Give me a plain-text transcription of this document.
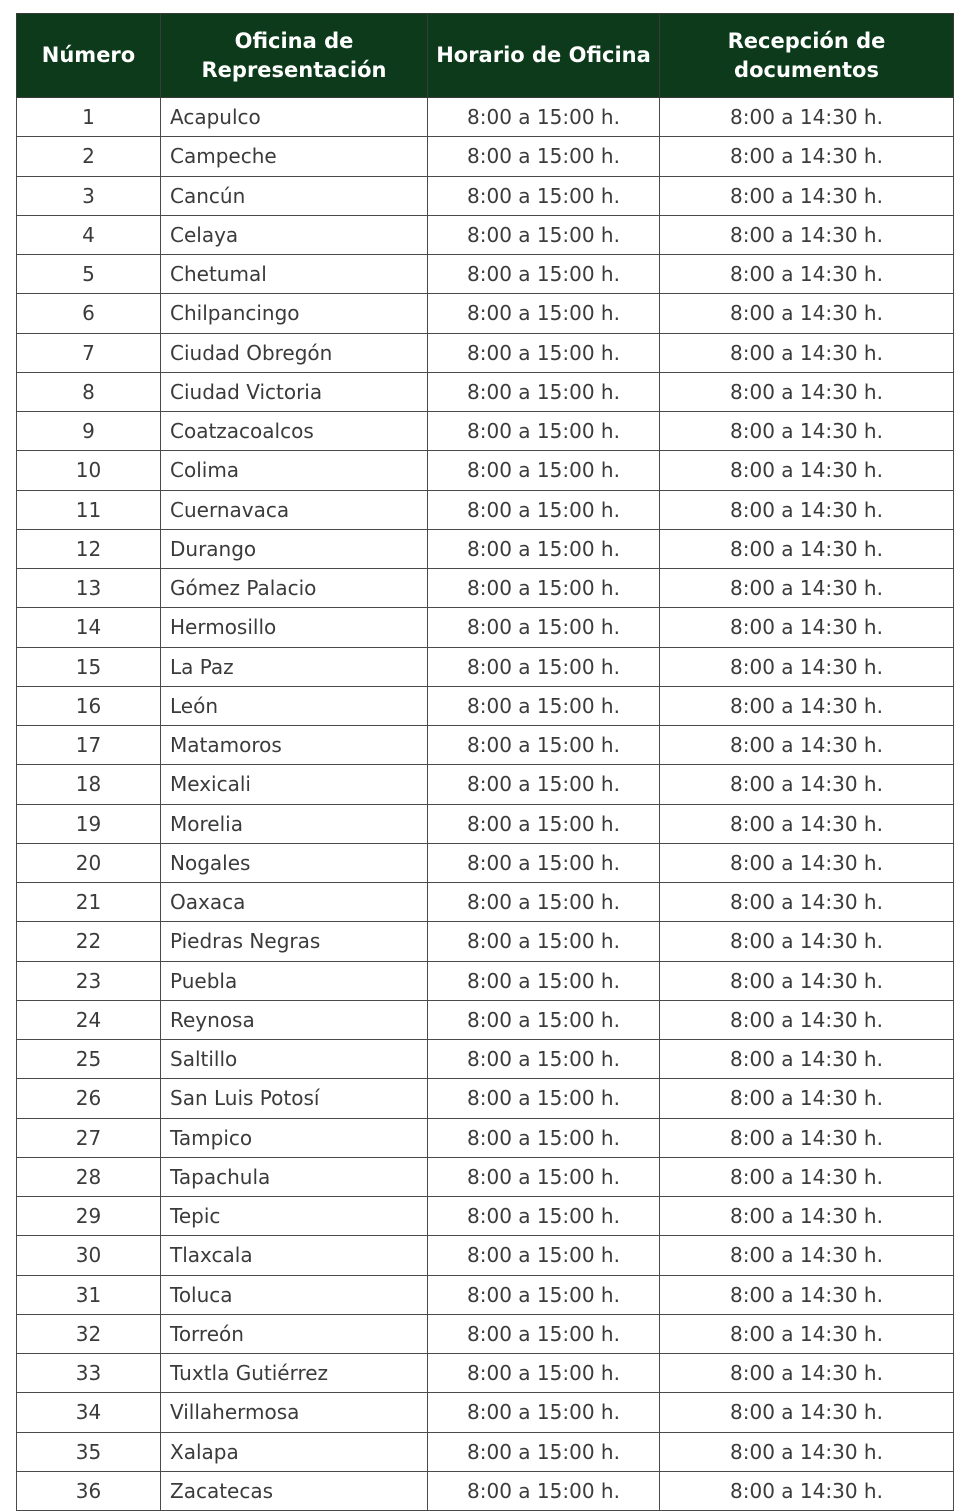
Número	Oficina de Representación	Horario de Oficina	Recepción de documentos
1	Acapulco	8:00 a 15:00 h.	8:00 a 14:30 h.
2	Campeche	8:00 a 15:00 h.	8:00 a 14:30 h.
3	Cancún	8:00 a 15:00 h.	8:00 a 14:30 h.
4	Celaya	8:00 a 15:00 h.	8:00 a 14:30 h.
5	Chetumal	8:00 a 15:00 h.	8:00 a 14:30 h.
6	Chilpancingo	8:00 a 15:00 h.	8:00 a 14:30 h.
7	Ciudad Obregón	8:00 a 15:00 h.	8:00 a 14:30 h.
8	Ciudad Victoria	8:00 a 15:00 h.	8:00 a 14:30 h.
9	Coatzacoalcos	8:00 a 15:00 h.	8:00 a 14:30 h.
10	Colima	8:00 a 15:00 h.	8:00 a 14:30 h.
11	Cuernavaca	8:00 a 15:00 h.	8:00 a 14:30 h.
12	Durango	8:00 a 15:00 h.	8:00 a 14:30 h.
13	Gómez Palacio	8:00 a 15:00 h.	8:00 a 14:30 h.
14	Hermosillo	8:00 a 15:00 h.	8:00 a 14:30 h.
15	La Paz	8:00 a 15:00 h.	8:00 a 14:30 h.
16	León	8:00 a 15:00 h.	8:00 a 14:30 h.
17	Matamoros	8:00 a 15:00 h.	8:00 a 14:30 h.
18	Mexicali	8:00 a 15:00 h.	8:00 a 14:30 h.
19	Morelia	8:00 a 15:00 h.	8:00 a 14:30 h.
20	Nogales	8:00 a 15:00 h.	8:00 a 14:30 h.
21	Oaxaca	8:00 a 15:00 h.	8:00 a 14:30 h.
22	Piedras Negras	8:00 a 15:00 h.	8:00 a 14:30 h.
23	Puebla	8:00 a 15:00 h.	8:00 a 14:30 h.
24	Reynosa	8:00 a 15:00 h.	8:00 a 14:30 h.
25	Saltillo	8:00 a 15:00 h.	8:00 a 14:30 h.
26	San Luis Potosí	8:00 a 15:00 h.	8:00 a 14:30 h.
27	Tampico	8:00 a 15:00 h.	8:00 a 14:30 h.
28	Tapachula	8:00 a 15:00 h.	8:00 a 14:30 h.
29	Tepic	8:00 a 15:00 h.	8:00 a 14:30 h.
30	Tlaxcala	8:00 a 15:00 h.	8:00 a 14:30 h.
31	Toluca	8:00 a 15:00 h.	8:00 a 14:30 h.
32	Torreón	8:00 a 15:00 h.	8:00 a 14:30 h.
33	Tuxtla Gutiérrez	8:00 a 15:00 h.	8:00 a 14:30 h.
34	Villahermosa	8:00 a 15:00 h.	8:00 a 14:30 h.
35	Xalapa	8:00 a 15:00 h.	8:00 a 14:30 h.
36	Zacatecas	8:00 a 15:00 h.	8:00 a 14:30 h.
